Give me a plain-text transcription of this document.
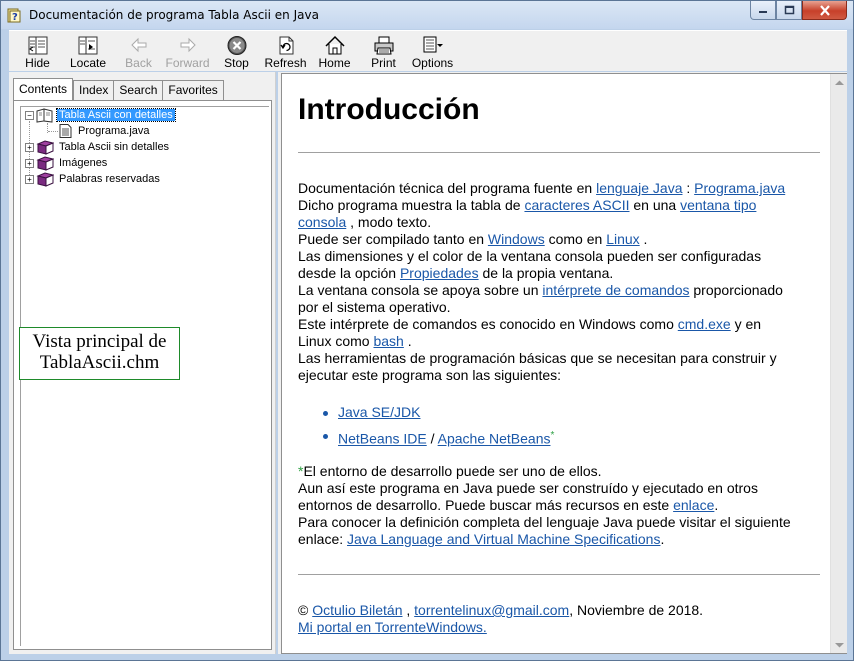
? Documentación de programa Tabla Ascii en Java
Hide Locate Back Forward Stop Refresh Home Print Options
Contents	Index Search Favorites
− Tabla Ascii con detalles
Programa.java
+ Tabla Ascii sin detalles
+ Imágenes
+ Palabras reservadas
Vista principal de
TablaAscii.chm
Introducción
Documentación técnica del programa fuente en lenguaje Java : Programa.java
Dicho programa muestra la tabla de caracteres ASCII en una ventana tipo
consola , modo texto.
Puede ser compilado tanto en Windows como en Linux .
Las dimensiones y el color de la ventana consola pueden ser configuradas
desde la opción Propiedades de la propia ventana.
La ventana consola se apoya sobre un intérprete de comandos proporcionado
por el sistema operativo.
Este intérprete de comandos es conocido en Windows como cmd.exe y en
Linux como bash .
Las herramientas de programación básicas que se necesitan para construir y
ejecutar este programa son las siguientes:
Java SE/JDK
NetBeans IDE / Apache NetBeans*
*El entorno de desarrollo puede ser uno de ellos.
Aun así este programa en Java puede ser construído y ejecutado en otros
entornos de desarrollo. Puede buscar más recursos en este enlace.
Para conocer la definición completa del lenguaje Java puede visitar el siguiente
enlace: Java Language and Virtual Machine Specifications.
© Octulio Biletán , torrentelinux@gmail.com, Noviembre de 2018.
Mi portal en TorrenteWindows.
